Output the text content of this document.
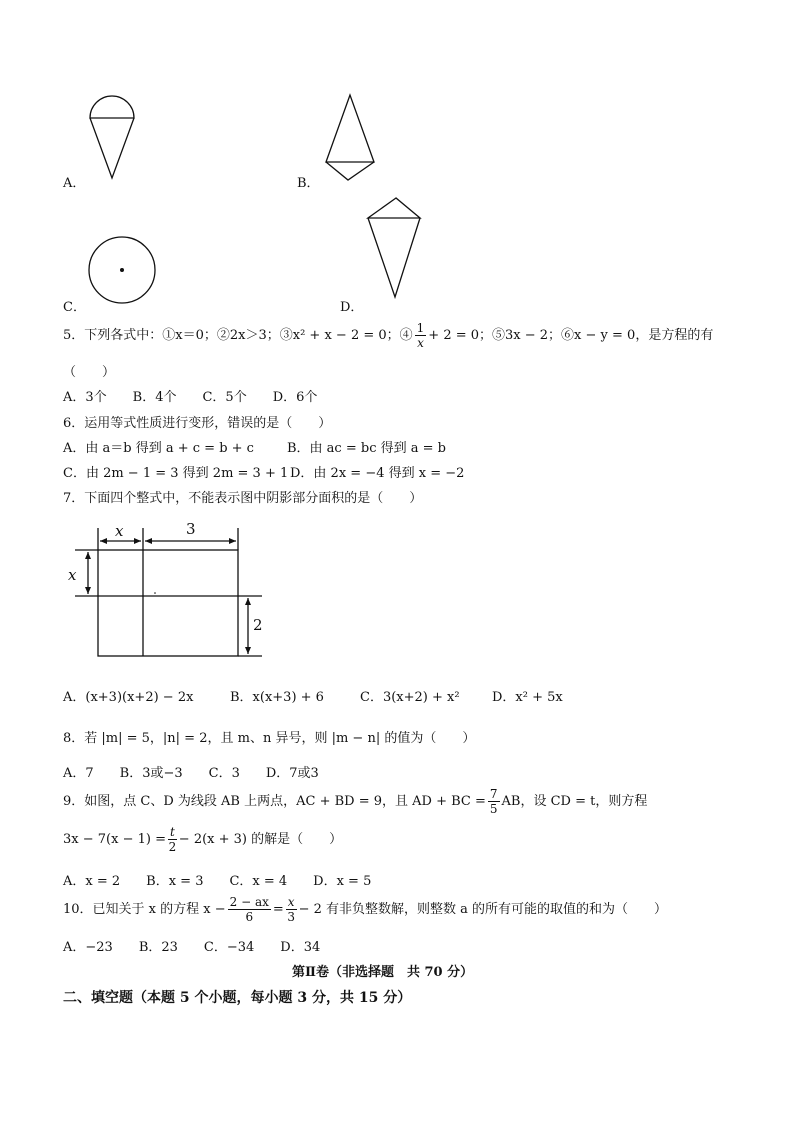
A．	B．
C．	D．
5．下列各式中：①x＝0；②2x＞3；③x² + x − 2 = 0；④ $\frac{1}{x} + 2 = 0$；⑤3x − 2；⑥x − y = 0，是方程的有
（　　）
A．3个　　B．4个　　C．5个　　D．6个
6．运用等式性质进行变形，错误的是（　　）
A．由 a＝b 得到 a + c = b + c	B．由 ac = bc 得到 a = b
C．由 2m − 1 = 3 得到 2m = 3 + 1 D．由 2x = −4 得到 x = −2
7．下面四个整式中，不能表示图中阴影部分面积的是（　　）
x	3
x
2
A．(x+3)(x+2) − 2x	B．x(x+3) + 6	C．3(x+2) + x² D．x² + 5x
8．若 |m| = 5，|n| = 2，且 m、n 异号，则 |m − n| 的值为（　　）
A．7　　B．3或−3　　C．3　　D．7或3
9．如图，点 C、D 为线段 AB 上两点，AC + BD = 9，且 AD + BC = $\frac{7}{5}$ AB，设 CD = t，则方程
$3x - 7(x - 1) = \frac{t}{2} - 2(x + 3)$ 的解是（　　）
A．x = 2　　B．x = 3　　C．x = 4　　D．x = 5
10．已知关于 x 的方程 $x - \frac{2 - ax}{6} = \frac{x}{3} - 2$ 有非负整数解，则整数 a 的所有可能的取值的和为（　　）
A．−23　　B．23　　C．−34　　D．34
第Ⅱ卷（非选择题　共 70 分）
二、填空题（本题 5 个小题，每小题 3 分，共 15 分）
